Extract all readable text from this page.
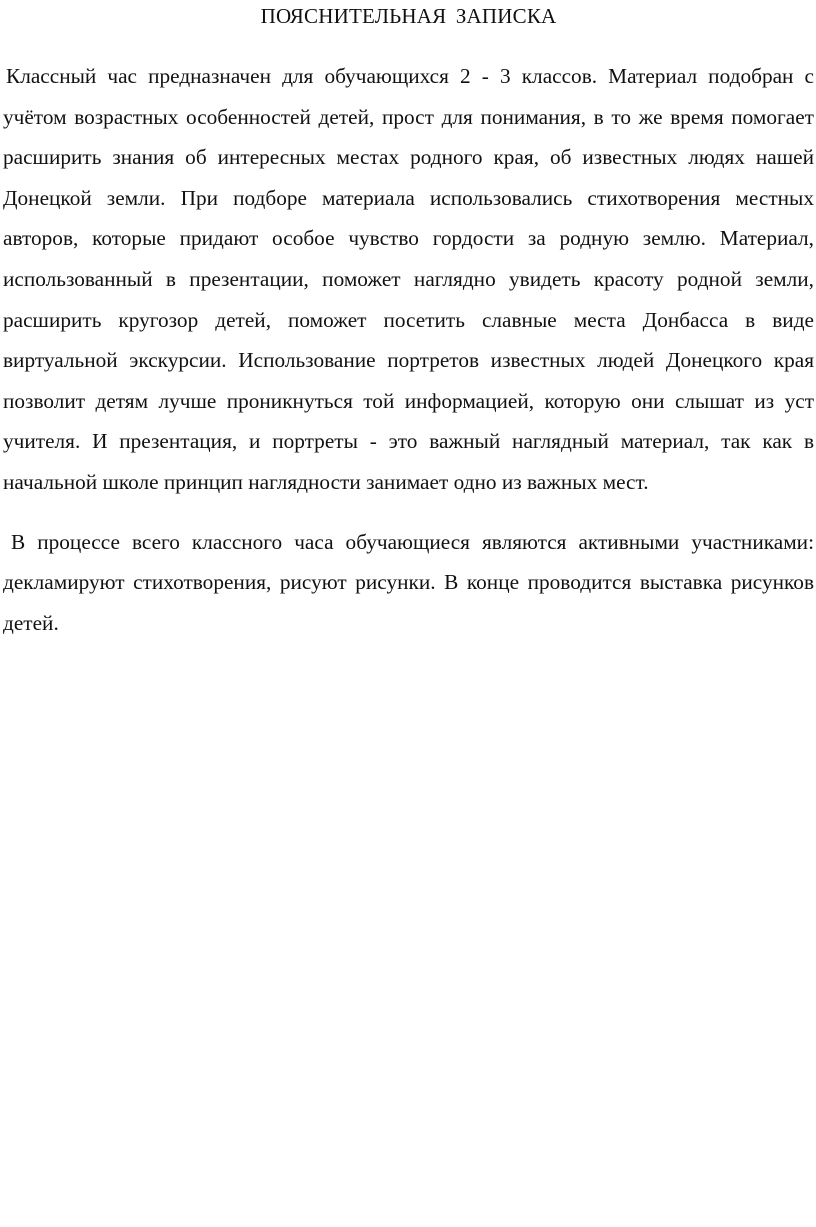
ПОЯСНИТЕЛЬНАЯ ЗАПИСКА

Классный час предназначен для обучающихся 2 - 3 классов. Материал подобран с учётом возрастных особенностей детей, прост для понимания, в то же время помогает расширить знания об интересных местах родного края, об известных людях нашей Донецкой земли. При подборе материала использовались стихотворения местных авторов, которые придают особое чувство гордости за родную землю. Материал, использованный в презентации, поможет наглядно увидеть красоту родной земли, расширить кругозор детей, поможет посетить славные места Донбасса в виде виртуальной экскурсии. Использование портретов известных людей Донецкого края позволит детям лучше проникнуться той информацией, которую они слышат из уст учителя. И презентация, и портреты - это важный наглядный материал, так как в начальной школе принцип наглядности занимает одно из важных мест.

В процессе всего классного часа обучающиеся являются активными участниками: декламируют стихотворения, рисуют рисунки. В конце проводится выставка рисунков детей.
